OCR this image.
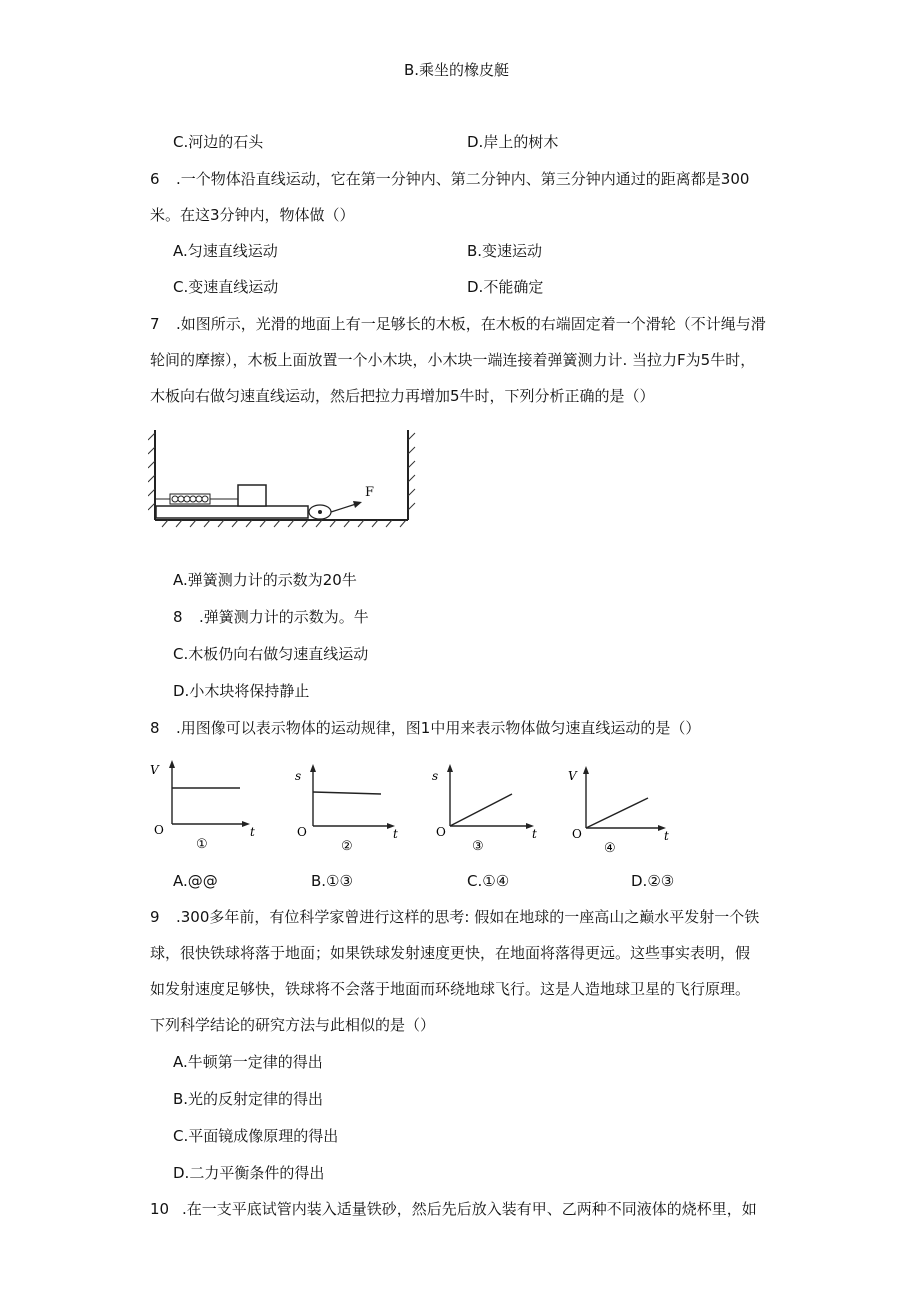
B.乘坐的橡皮艇
C.河边的石头	D.岸上的树木
6 .一个物体沿直线运动，它在第一分钟内、第二分钟内、第三分钟内通过的距离都是300
米。在这3分钟内，物体做（）
A.匀速直线运动	B.变速运动
C.变速直线运动	D.不能确定
7 .如图所示，光滑的地面上有一足够长的木板，在木板的右端固定着一个滑轮（不计绳与滑
轮间的摩擦），木板上面放置一个小木块，小木块一端连接着弹簧测力计. 当拉力F为5牛时，
木板向右做匀速直线运动，然后把拉力再增加5牛时，下列分析正确的是（）
F
A.弹簧测力计的示数为20牛
8 .弹簧测力计的示数为。牛
C.木板仍向右做匀速直线运动
D.小木块将保持静止
8 .用图像可以表示物体的运动规律，图1中用来表示物体做匀速直线运动的是（）
V
O	t
①
s
O	t
②
s
O	t
③
V
O	t
④
A.@@	B.①③	C.①④	D.②③
9 .300多年前，有位科学家曾进行这样的思考: 假如在地球的一座高山之巅水平发射一个铁
球，很快铁球将落于地面；如果铁球发射速度更快，在地面将落得更远。这些事实表明，假
如发射速度足够快，铁球将不会落于地面而环绕地球飞行。这是人造地球卫星的飞行原理。
下列科学结论的研究方法与此相似的是（）
A.牛顿第一定律的得出
B.光的反射定律的得出
C.平面镜成像原理的得出
D.二力平衡条件的得出
10 .在一支平底试管内装入适量铁砂，然后先后放入装有甲、乙两种不同液体的烧杯里，如
